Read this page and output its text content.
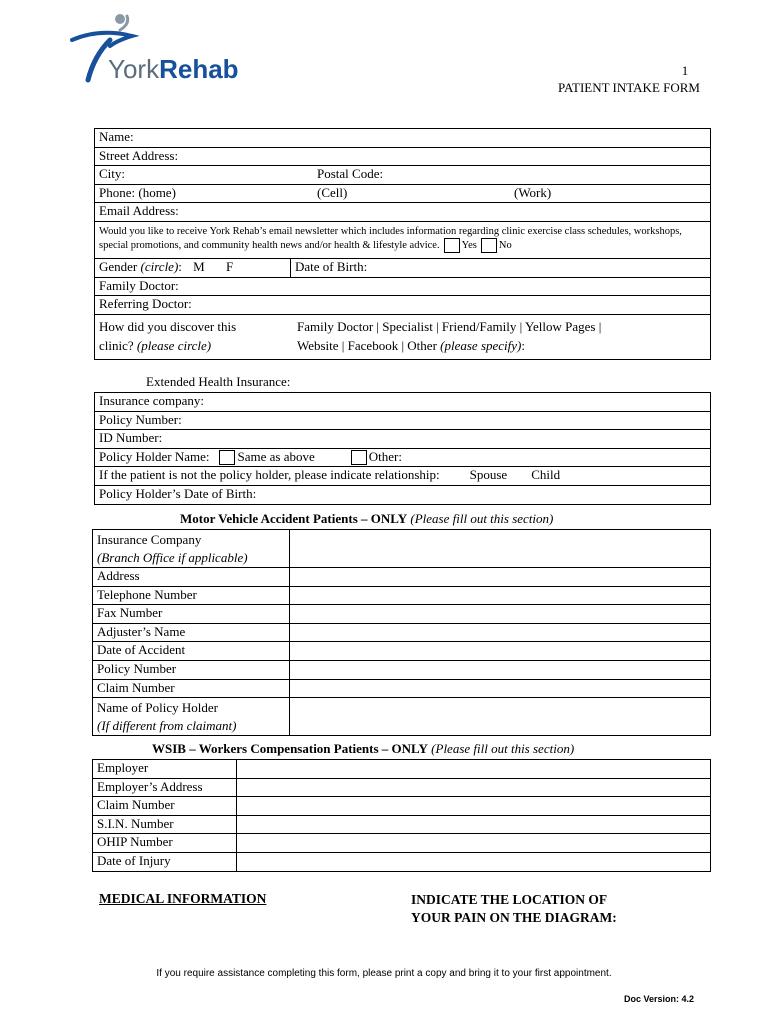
YorkRehab	1
PATIENT INTAKE FORM
Name:
Street Address:
City:	Postal Code:
Phone: (home)	(Cell)	(Work)
Email Address:
Would you like to receive York Rehab’s email newsletter which includes information regarding clinic exercise class schedules, workshops, special promotions, and community health news and/or health & lifestyle advice. Yes No
Gender (circle): M F	Date of Birth:
Family Doctor:
Referring Doctor:

How did you discover this
clinic? (please circle)
Family Doctor | Specialist | Friend/Family | Yellow Pages |
Website | Facebook | Other (please specify):
Extended Health Insurance:
Insurance company:
Policy Number:
ID Number:
Policy Holder Name: Same as above	Other:
If the patient is not the policy holder, please indicate relationship: Spouse Child
Policy Holder’s Date of Birth:
Motor Vehicle Accident Patients – ONLY (Please fill out this section)
Insurance Company
(Branch Office if applicable)	

Address	
Telephone Number	
Fax Number	
Adjuster’s Name	
Date of Accident	
Policy Number	
Claim Number	

Name of Policy Holder
(If different from claimant)	

WSIB – Workers Compensation Patients – ONLY (Please fill out this section)
Employer	
Employer’s Address	
Claim Number	
S.I.N. Number	
OHIP Number	
Date of Injury	
MEDICAL INFORMATION	INDICATE THE LOCATION OF
YOUR PAIN ON THE DIAGRAM:
If you require assistance completing this form, please print a copy and bring it to your first appointment.
Doc Version: 4.2
